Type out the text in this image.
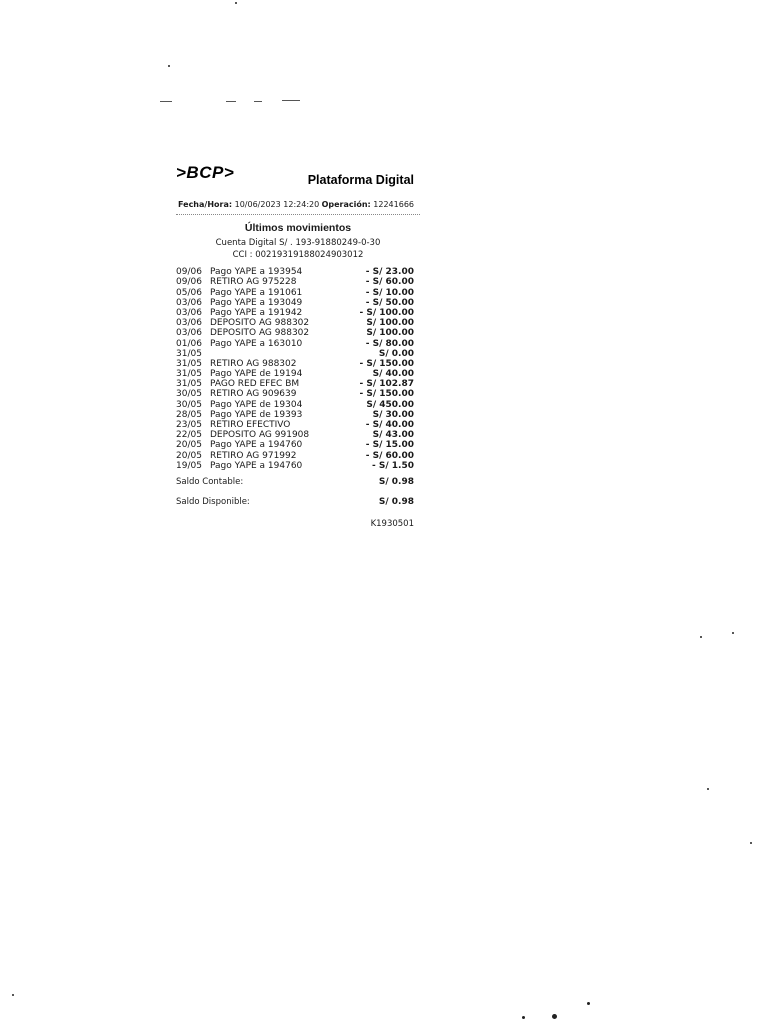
>BCP>	Plataforma Digital
Fecha/Hora: 10/06/2023 12:24:20 Operación: 12241666
Últimos movimientos
Cuenta Digital S/ . 193-91880249-0-30
CCI : 00219319188024903012
09/06 Pago YAPE a 193954	- S/ 23.00
09/06 RETIRO AG 975228	- S/ 60.00
05/06 Pago YAPE a 191061	- S/ 10.00
03/06 Pago YAPE a 193049	- S/ 50.00
03/06 Pago YAPE a 191942	- S/ 100.00
03/06 DEPOSITO AG 988302	S/ 100.00
03/06 DEPOSITO AG 988302	S/ 100.00
01/06 Pago YAPE a 163010	- S/ 80.00
31/05	S/ 0.00
31/05 RETIRO AG 988302	- S/ 150.00
31/05 Pago YAPE de 19194	S/ 40.00
31/05 PAGO RED EFEC BM	- S/ 102.87
30/05 RETIRO AG 909639	- S/ 150.00
30/05 Pago YAPE de 19304	S/ 450.00
28/05 Pago YAPE de 19393	S/ 30.00
23/05 RETIRO EFECTIVO	- S/ 40.00
22/05 DEPOSITO AG 991908	S/ 43.00
20/05 Pago YAPE a 194760	- S/ 15.00
20/05 RETIRO AG 971992	- S/ 60.00
19/05 Pago YAPE a 194760	- S/ 1.50
Saldo Contable:	S/ 0.98
Saldo Disponible:	S/ 0.98
K1930501
